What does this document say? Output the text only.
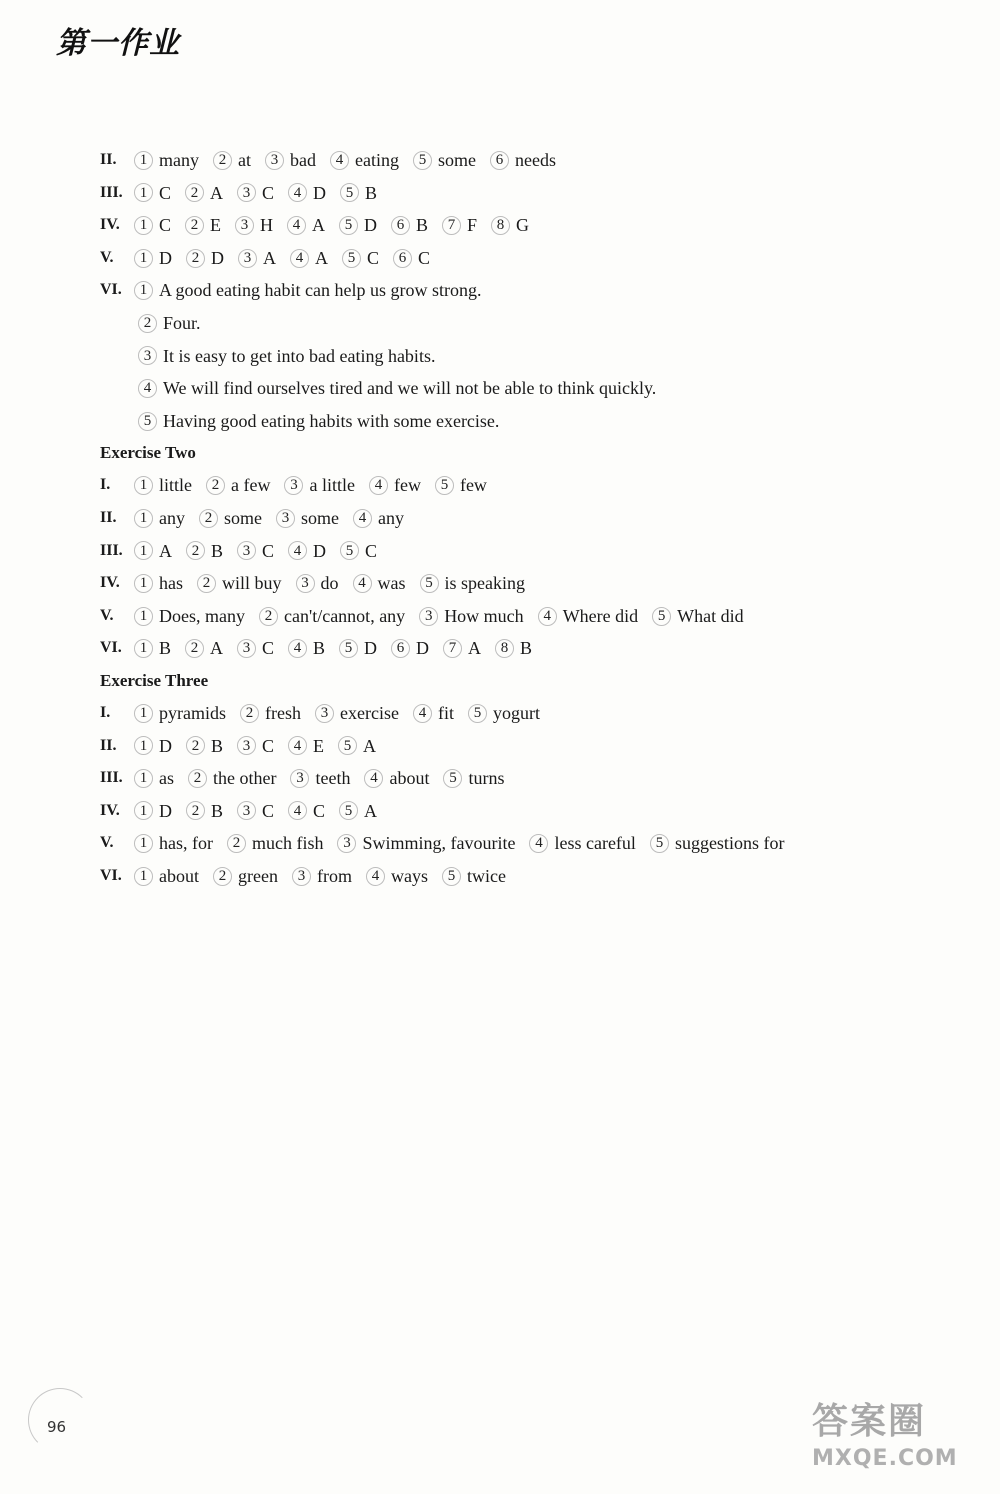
第一作业
II.	1 many	2 at	3 bad	4 eating	5 some	6 needs
III.	1 C	2 A	3 C	4 D	5 B
IV.	1 C	2 E	3 H	4 A	5 D	6 B	7 F	8 G
V.	1 D	2 D	3 A	4 A	5 C	6 C
VI.	1 A good eating habit can help us grow strong.
2 Four.
3 It is easy to get into bad eating habits.
4 We will find ourselves tired and we will not be able to think quickly.
5 Having good eating habits with some exercise.
Exercise Two
I.	1 little	2 a few	3 a little	4 few	5 few
II.	1 any	2 some	3 some	4 any
III.	1 A	2 B	3 C	4 D	5 C
IV.	1 has	2 will buy	3 do	4 was	5 is speaking
V.	1 Does, many	2 can't/cannot, any	3 How much	4 Where did	5 What did
VI.	1 B	2 A	3 C	4 B	5 D	6 D	7 A	8 B
Exercise Three
I.	1 pyramids	2 fresh	3 exercise	4 fit	5 yogurt
II.	1 D	2 B	3 C	4 E	5 A
III.	1 as	2 the other	3 teeth	4 about	5 turns
IV.	1 D	2 B	3 C	4 C	5 A
V.	1 has, for	2 much fish	3 Swimming, favourite	4 less careful	5 suggestions for
VI.	1 about	2 green	3 from	4 ways	5 twice
96	答案圈
MXQE.COM
